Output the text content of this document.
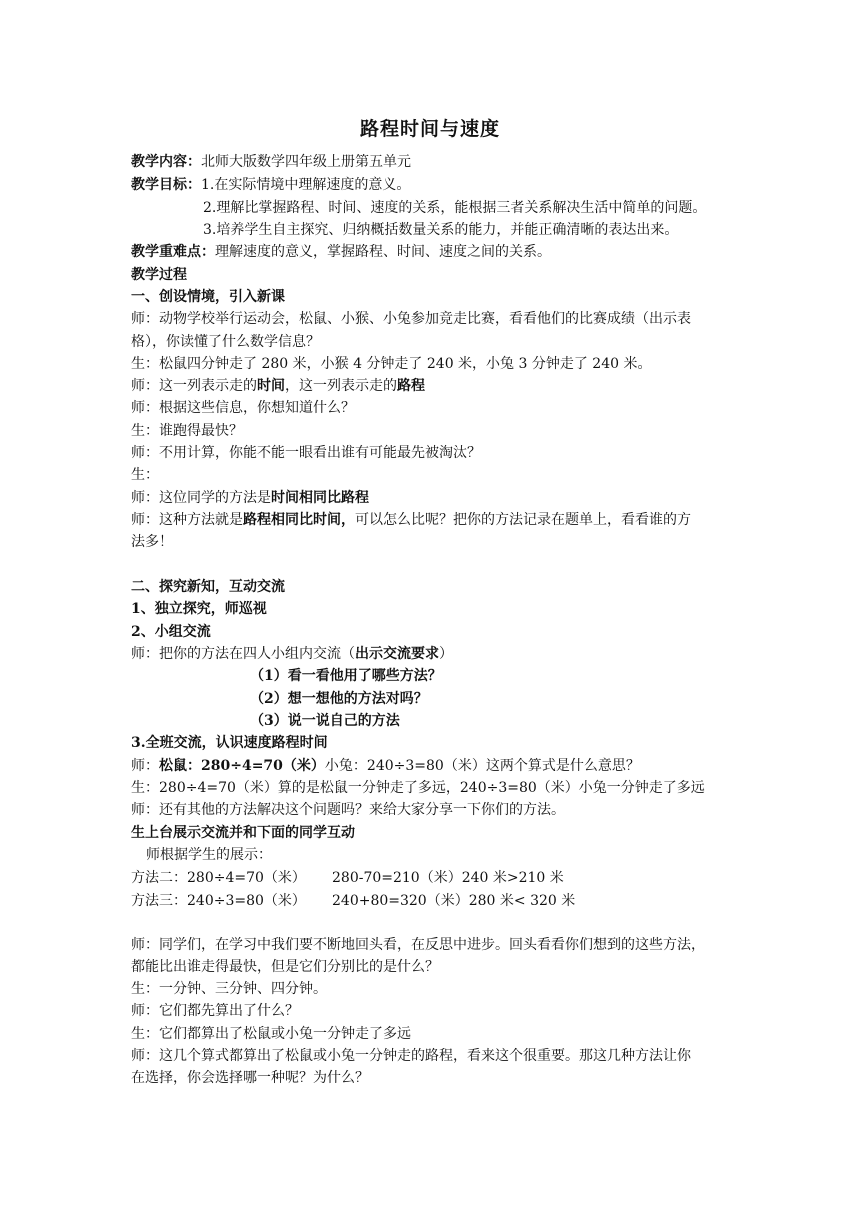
路程时间与速度
教学内容：北师大版数学四年级上册第五单元
教学目标：1.在实际情境中理解速度的意义。
2.理解比掌握路程、时间、速度的关系，能根据三者关系解决生活中简单的问题。
3.培养学生自主探究、归纳概括数量关系的能力，并能正确清晰的表达出来。
教学重难点：理解速度的意义，掌握路程、时间、速度之间的关系。
教学过程
一、创设情境，引入新课
师：动物学校举行运动会，松鼠、小猴、小兔参加竞走比赛，看看他们的比赛成绩（出示表
格），你读懂了什么数学信息？
生：松鼠四分钟走了 280 米，小猴 4 分钟走了 240 米，小兔 3 分钟走了 240 米。
师：这一列表示走的时间，这一列表示走的路程
师：根据这些信息，你想知道什么？
生：谁跑得最快？
师：不用计算，你能不能一眼看出谁有可能最先被淘汰？
生：
师：这位同学的方法是时间相同比路程
师：这种方法就是路程相同比时间，可以怎么比呢？把你的方法记录在题单上，看看谁的方
法多！
二、探究新知，互动交流
1、独立探究，师巡视
2、小组交流
师：把你的方法在四人小组内交流（出示交流要求）
（1）看一看他用了哪些方法？
（2）想一想他的方法对吗？
（3）说一说自己的方法
3.全班交流，认识速度路程时间
师：松鼠：280÷4=70（米）小兔：240÷3=80（米）这两个算式是什么意思？
生：280÷4=70（米）算的是松鼠一分钟走了多远，240÷3=80（米）小兔一分钟走了多远
师：还有其他的方法解决这个问题吗？来给大家分享一下你们的方法。
生上台展示交流并和下面的同学互动
师根据学生的展示：
方法二：280÷4=70（米） 280-70=210（米）240 米>210 米
方法三：240÷3=80（米） 240+80=320（米）280 米< 320 米
师：同学们，在学习中我们要不断地回头看，在反思中进步。回头看看你们想到的这些方法，
都能比出谁走得最快，但是它们分别比的是什么？
生：一分钟、三分钟、四分钟。
师：它们都先算出了什么？
生：它们都算出了松鼠或小兔一分钟走了多远
师：这几个算式都算出了松鼠或小兔一分钟走的路程，看来这个很重要。那这几种方法让你
在选择，你会选择哪一种呢？为什么？
